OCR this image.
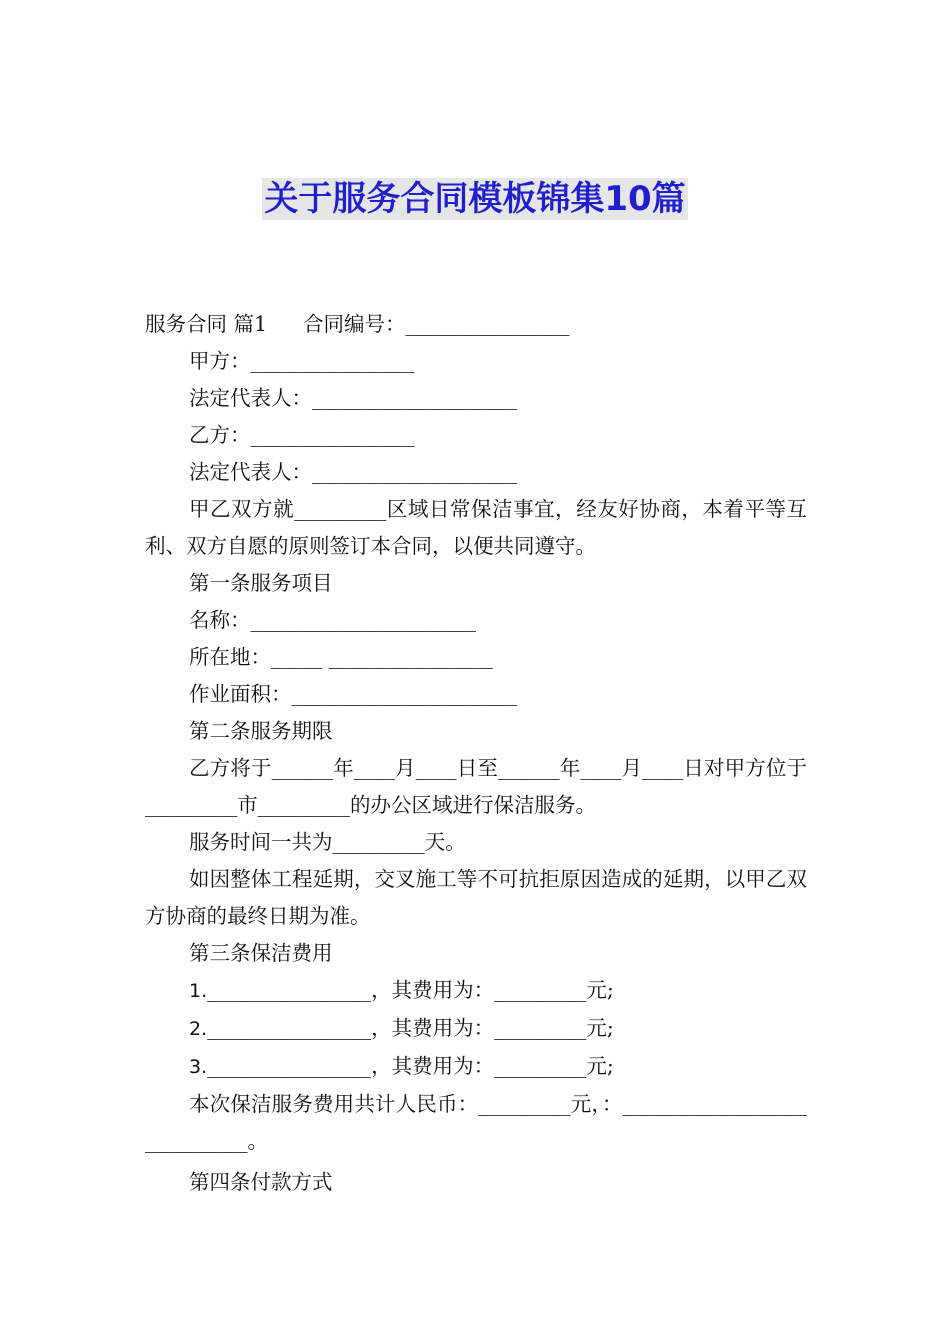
关于服务合同模板锦集10篇
服务合同 篇1 合同编号：________________
甲方：________________
法定代表人：____________________
乙方：________________
法定代表人：____________________
甲乙双方就_________区域日常保洁事宜，经友好协商，本着平等互利、双方自愿的原则签订本合同，以便共同遵守。
第一条服务项目
名称：______________________
所在地：_____ ________________
作业面积：______________________
第二条服务期限
乙方将于______年____月____日至______年____月____日对甲方位于_________市_________的办公区域进行保洁服务。
服务时间一共为_________天。
如因整体工程延期，交叉施工等不可抗拒原因造成的延期，以甲乙双方协商的最终日期为准。
第三条保洁费用
1.________________，其费用为：_________元;
2.________________，其费用为：_________元;
3.________________，其费用为：_________元;
本次保洁服务费用共计人民币：_________元，：____________________________。
第四条付款方式
